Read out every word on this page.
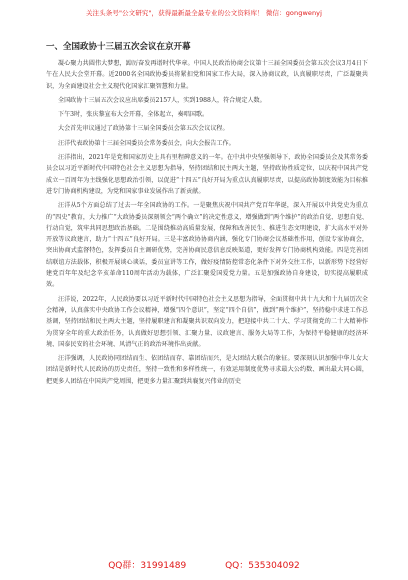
关注头条号"公文研究"，获得最新最全最专业的公文资料库！ 微信：gongwenyj
一、全国政协十三届五次会议在京开幕

凝心聚力共圆伟大梦想，踔厉奋发再谱时代华章。中国人民政治协商会议第十三届全国委员会第五次会议3月4日下午在人民大会堂开幕。近2000名全国政协委员将紧扣党和国家工作大局，深入协商议政，认真履职尽责，广泛凝聚共识，为全面建设社会主义现代化国家汇聚智慧和力量。

全国政协十三届五次会议应出席委员2157人，实到1988人，符合规定人数。

下午3时，张庆黎宣布大会开幕，全体起立，奏唱国歌。

大会首先审议通过了政协第十三届全国委员会第五次会议议程。

汪洋代表政协第十三届全国委员会常务委员会，向大会报告工作。

汪洋指出，2021年是党和国家历史上具有里程碑意义的一年。在中共中央坚强领导下，政协全国委员会及其常务委员会以习近平新时代中国特色社会主义思想为指导，坚持团结和民主两大主题，坚持政协性质定位，以庆祝中国共产党成立一百周年为主线强化思想政治引领，以促进“十四五”良好开局为重点认真履职尽责，以提高政协制度效能为目标推进专门协商机构建设，为党和国家事业发展作出了新贡献。

汪洋从5个方面总结了过去一年全国政协的工作。一是聚焦庆祝中国共产党百年华诞，深入开展以中共党史为重点的“四史”教育，大力推广“大政协委员深刻领会“两个确立”的决定性意义，增强做到“两个维护”的政治自觉、思想自觉、行动自觉，筑牢共同思想政治基础。二是围绕推动高质量发展，保障和改善民生、推进生态文明建设，扩大高水平对外开放等议政建言，助力“十四五”良好开局。三是丰富政协协商内涵，强化专门协商会议基础性作用，创设专家协商会，突出协商式监督特色，发挥委员自主调研优势，完善协商民意信息反映渠道，更好发挥专门协商机构效能。四是完善团结联谊方法载体，积极开展谈心谈话，委员宣讲等工作，做好疫情防控常态化条件下对外交往工作，以新形势下经营好建党百年年及纪念辛亥革命110周年活动为载体，广泛汇聚爱国爱党力量。五是加强政协自身建设，切实提高履职成效。

汪洋说，2022年，人民政协要以习近平新时代中国特色社会主义思想为指导，全面贯彻中共十九大和十九届历次全会精神，认真落实中央政协工作会议精神，增强“四个意识”，坚定“四个自信”，做到“两个维护”，坚持稳中求进工作总基调，坚持团结和民主两大主题，坚持履职建言和凝聚共识双向发力，把迎接中共二十大、学习贯彻党的二十大精神作为贯穿全年的重大政治任务，认真做好思想引领、汇聚力量、议政建言、服务大局等工作，为保持平稳健康的经济环境、国泰民安的社会环境、风清气正的政治环境作出贡献。

汪洋强调，人民政协同团结而生、依团结而存、靠团结而兴，是大团结大联合的象征。要深刻认识加强中华儿女大团结是新时代人民政协的历史责任，坚持一致性和多样性统一，有效运用制度优势寻求最大公约数、画出最大同心圆，把更多人团结在中国共产党周围，把更多力量汇聚到共襄复兴伟业的历史

QQ群：31991489	QQ：535304092
